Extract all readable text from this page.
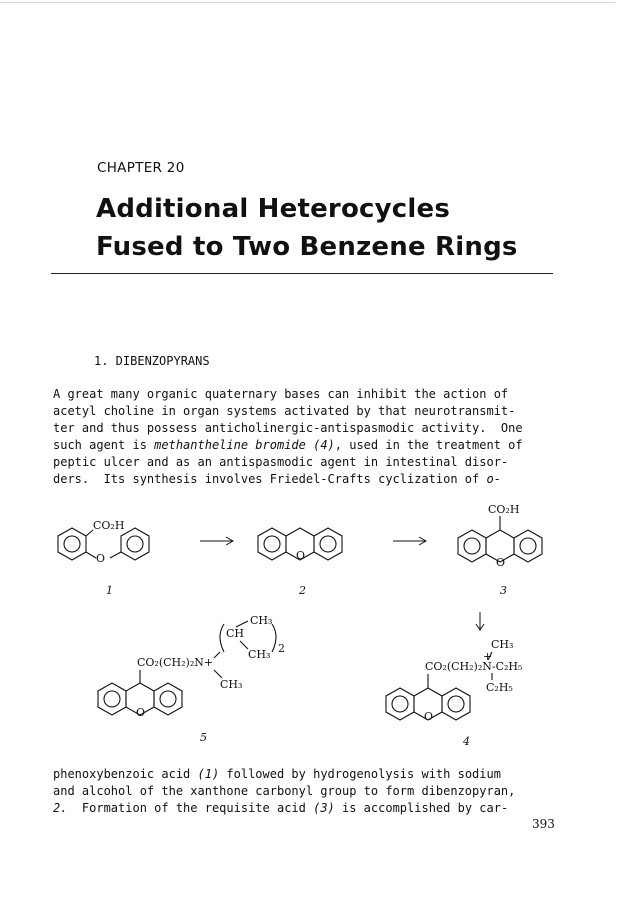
CHAPTER 20
Additional Heterocycles
Fused to Two Benzene Rings
1. DIBENZOPYRANS
A great many organic quaternary bases can inhibit the action of
acetyl choline in organ systems activated by that neurotransmit-
ter and thus possess anticholinergic-antispasmodic activity.  One
such agent is methantheline bromide (4), used in the treatment of
peptic ulcer and as an antispasmodic agent in intestinal disor-
ders.  Its synthesis involves Friedel-Crafts cyclization of o-
O
CO₂H
1
O
2
CO₂H
O
3
CH₃
+
CO₂(CH₂)₂N-C₂H₅
C₂H₅
O
4
CH₃
CH
CH₃ 2
CO₂(CH₂)₂N+
CH₃
O
5
phenoxybenzoic acid (1) followed by hydrogenolysis with sodium
and alcohol of the xanthone carbonyl group to form dibenzopyran,
2.  Formation of the requisite acid (3) is accomplished by car-
393
